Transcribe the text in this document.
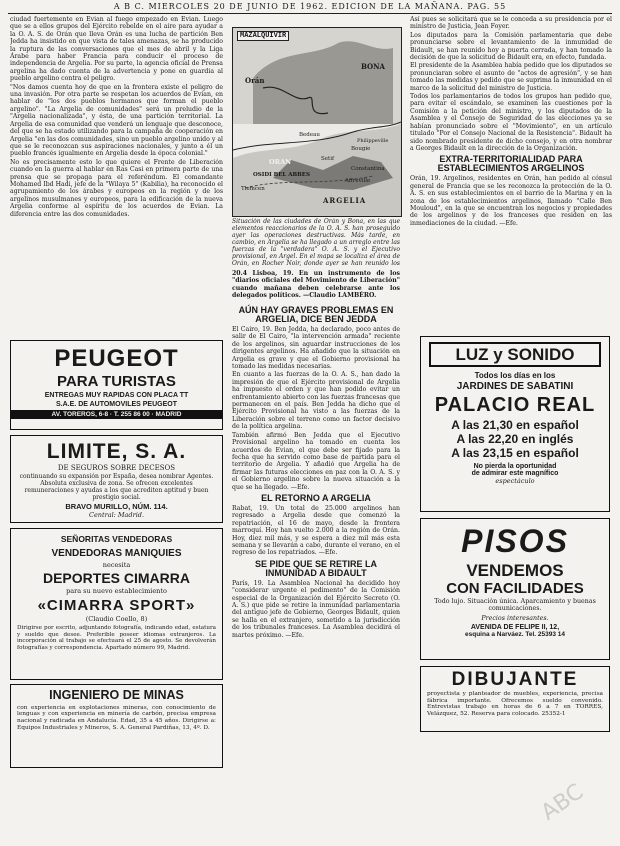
A B C. MIERCOLES 20 DE JUNIO DE 1962. EDICION DE LA MAÑANA. PAG. 55

ciudad fuertemente en Evian al fuego empezado en Evian. Luego que se a ellos grupos del Ejército rebelde en el aire para ayudar a la O. A. S. de Orán que lleva Orán es una lucha de partición Ben Jedda ha insistido en que vista de tales amenazas, se ha producido la ruptura de las conversaciones que el mes de abril y la Liga Árabe para haber Francia para conducir el proceso de independencia de Argelia. Por su parte, la agencia oficial de Prensa argelina ha dado cuenta de la advertencia y pone en guardia al pueblo argelino contra el peligro.

"Nos damos cuenta hoy de que en la frontera existe el peligro de una invasión. Por otra parte se respetan los acuerdos de Evian, en hablar de "los dos pueblos hermanos que forman el pueblo argelino". "La Argelia de comunidades" será un preludio de la "Argelia nacionalizada", y ésta, de una partición territorial. La Argelia de esa comunidad que venderá un lenguaje que desconoce, del que se ha estado utilizando para la campaña de cooperación en Argelia "en las dos comunidades, sino un pueblo argelino unido y al que se le reconozcan sus aspiraciones nacionales, y junto a él un pueblo francés igualmente en Argelia desde la época colonial."

No es precisamente esto lo que quiere el Frente de Liberación cuando en la guerra al hablar en Ras Casi en primera parte de una prensa que se propaga para el referéndum. El comandante Mohamed Ibd Hadi, jefe de la "Wilaya 5" (Kabilia), ha reconocido el agrupamiento de los árabes y europeos en la región y de los argelinos musulmanes y europeos, para la edificación de la nueva Argelia conforme al espíritu de los acuerdos de Evian. La diferencia entre las dos comunidades.

PEUGEOT
PARA TURISTAS
ENTREGAS MUY RAPIDAS CON PLACA TT
S.A.E. DE AUTOMOVILES PEUGEOT
AV. TOREROS, 6-8 · T. 255 86 00 · MADRID
LIMITE, S. A.
DE SEGUROS SOBRE DECESOS
continuando su expansión por España, desea nombrar Agentes. Absoluta exclusiva de zona. Se ofrecen excelentes remuneraciones y ayudas a los que acrediten aptitud y buen prestigio social.
BRAVO MURILLO, NÚM. 114.
Central: Madrid.
SEÑORITAS VENDEDORAS
VENDEDORAS MANIQUIES
necesita
DEPORTES CIMARRA
para su nuevo establecimiento
«CIMARRA SPORT»
(Claudio Coello, 8)
Dirigirse por escrito, adjuntando fotografía, indicando edad, estatura y sueldo que desee. Preferible poseer idiomas extranjeros. La incorporación al trabajo se efectuará el 25 de agosto. Se devolverán fotografías y correspondencia. Apartado número 99, Madrid.
INGENIERO DE MINAS
con experiencia en explotaciones mineras, con conocimiento de lenguas y con experiencia en minería de carbón, precisa empresa nacional y radicada en Andalucía. Edad, 35 a 45 años. Dirigirse a: Equipos Industriales y Mineros, S. A. General Pardiñas, 13, 4º. D.
MAZALQUIVIR
Orán
BONA
ORAN
OSIDI BEL ABBES
ARGELIA
Tlemcen
Affreville
Bougie
Philippeville
Constantina
Setif
Bedeau
Situación de las ciudades de Orán y Bona, en las que elementos reaccionarios de la O. A. S. han proseguido ayer las operaciones destructivas. Más tarde, en cambio, en Argelia se ha llegado a un arreglo entre las fuerzas de la "verdadera" O. A. S. y el Ejecutivo provisional, en Argel. En el mapa se localiza el área de Orán, en Rocher Noir, donde ayer se han reunido los
20.4 Lisboa, 19. En un instrumento de los "diarios oficiales del Movimiento de Liberación" cuando mañana deben celebrarse ante los delegados políticos. —Claudio LAMBÉRO.
AÚN HAY GRAVES PROBLEMAS EN ARGELIA, DICE BEN JEDDA

El Cairo, 19. Ben Jedda, ha declarado, poco antes de salir de El Cairo, "la intervención armada" reciente de los argelinos, sin aguardar instrucciones de los dirigentes argelinos. Ha añadido que la situación en Argelia es grave y que el Gobierno provisional ha tomado las medidas necesarias.

En cuanto a las fuerzas de la O. A. S., han dado la impresión de que el Ejército provisional de Argelia ha impuesto el orden y que han podido evitar un enfrentamiento abierto con las fuerzas francesas que permanecen en el país. Ben Jedda ha dicho que el Ejército Provisional ha visto a las fuerzas de la Liberación sobre el terreno como un factor decisivo de la política argelina.

También afirmó Ben Jedda que el Ejecutivo Provisional argelino ha tomado en cuenta los acuerdos de Evian, el que debe ser fijado para la fecha que ha servido como base de partida para el territorio de Argelia. Y añadió que Argelia ha de firmar las futuras elecciones en paz con la O. A. S. y el Gobierno argelino sobre la nueva situación a la que se ha llegado. —Efe.

EL RETORNO A ARGELIA

Rabat, 19. Un total de 25.000 argelinos han regresado a Argelia desde que comenzó la repatriación, el 16 de mayo, desde la frontera marroquí. Hoy han vuelto 2.000 a la región de Orán. Hoy, diez mil más, y se espera a diez mil más esta semana y se llevarán a cabo, durante el verano, en el regreso de los repatriados. —Efe.

SE PIDE QUE SE RETIRE LA INMUNIDAD A BIDAULT

París, 19. La Asamblea Nacional ha decidido hoy "considerar urgente el pedimento" de la Comisión especial de la Organización del Ejército Secreto (O. A. S.) que pide se retire la inmunidad parlamentaria del antiguo jefe de Gobierno, Georges Bidault, quien se halla en el extranjero, sometido a la jurisdicción de los tribunales franceses. La Asamblea decidirá el martes próximo. —Efe.

Así pues se solicitará que se le conceda a su presidencia por el ministro de Justicia, Jean Foyer.

Los diputados para la Comisión parlamentaria que debe pronunciarse sobre el levantamiento de la inmunidad de Bidault, se han reunido hoy a puerta cerrada, y han tomado la decisión de que la solicitud de Bidault era, en efecto, fundada.

El presidente de la Asamblea había pedido que los diputados se pronunciaran sobre el asunto de "actos de agresión", y se han tomado las medidas y pedido que se suprima la inmunidad en el marco de la solicitud del ministro de Justicia.

Todos los parlamentarios de todos los grupos han pedido que, para evitar el escándalo, se examinen las cuestiones por la Comisión a la petición del ministro, y los diputados de la Asamblea y el Consejo de Seguridad de las elecciones ya se habían pronunciado sobre el "Movimiento", en un artículo titulado "Por el Consejo Nacional de la Resistencia". Bidault ha sido nombrado presidente de dicho consejo, y en otra nombrar a Georges Bidault en la dirección de la Organización.

EXTRA-TERRITORIALIDAD PARA ESTABLECIMIENTOS ARGELINOS

Orán, 19. Argelinos, residentes en Orán, han pedido al cónsul general de Francia que se les reconozca la protección de la O. A. S. en sus establecimientos en el barrio de la Marina y en la zona de los establecimientos argelinos, llamado "Calle Ben Mouloud", en la que se encuentran los negocios y propiedades de los argelinos y de los franceses que residen en las inmediaciones de la ciudad. —Efe.

LUZ y SONIDO
Todos los días en los
JARDINES DE SABATINI
PALACIO REAL
A las 21,30 en español
A las 22,20 en inglés
A las 23,15 en español
No pierda la oportunidad
de admirar este magnífico
espectáculo
PISOS
VENDEMOS
CON FACILIDADES
Todo lujo. Situación única. Aparcamiento y buenas comunicaciones.
Precios interesantes.
AVENIDA DE FELIPE II, 12,
esquina a Narváez. Tel. 25393 14
DIBUJANTE
proyectista y planteador de muebles, experiencia, precisa fábrica importante. Ofrecemos sueldo convenido. Entrevistas trabajo en horas de 6 a 7 en TORRES, Velázquez, 52. Reserva para colocado. 25352-1
ABC
